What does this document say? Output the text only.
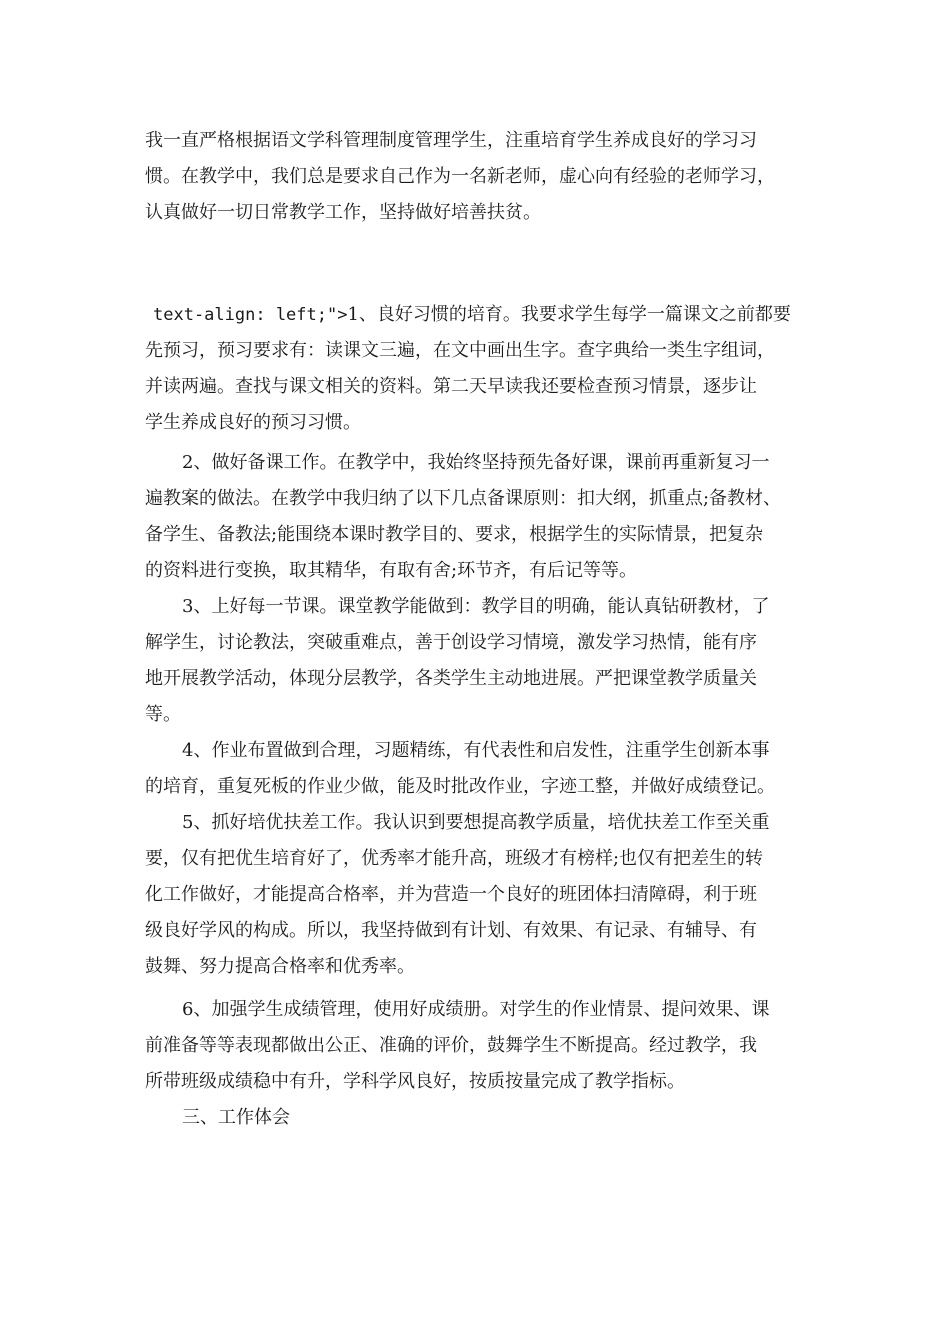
我一直严格根据语文学科管理制度管理学生，注重培育学生养成良好的学习习
惯。在教学中，我们总是要求自己作为一名新老师，虚心向有经验的老师学习，
认真做好一切日常教学工作，坚持做好培善扶贫。
text-align: left;">1、良好习惯的培育。我要求学生每学一篇课文之前都要
先预习，预习要求有：读课文三遍，在文中画出生字。查字典给一类生字组词，
并读两遍。查找与课文相关的资料。第二天早读我还要检查预习情景，逐步让
学生养成良好的预习习惯。
2、做好备课工作。在教学中，我始终坚持预先备好课，课前再重新复习一
遍教案的做法。在教学中我归纳了以下几点备课原则：扣大纲，抓重点;备教材、
备学生、备教法;能围绕本课时教学目的、要求，根据学生的实际情景，把复杂
的资料进行变换，取其精华，有取有舍;环节齐，有后记等等。
3、上好每一节课。课堂教学能做到：教学目的明确，能认真钻研教材，了
解学生，讨论教法，突破重难点，善于创设学习情境，激发学习热情，能有序
地开展教学活动，体现分层教学，各类学生主动地进展。严把课堂教学质量关
等。
4、作业布置做到合理，习题精练，有代表性和启发性，注重学生创新本事
的培育，重复死板的作业少做，能及时批改作业，字迹工整，并做好成绩登记。
5、抓好培优扶差工作。我认识到要想提高教学质量，培优扶差工作至关重
要，仅有把优生培育好了，优秀率才能升高，班级才有榜样;也仅有把差生的转
化工作做好，才能提高合格率，并为营造一个良好的班团体扫清障碍，利于班
级良好学风的构成。所以，我坚持做到有计划、有效果、有记录、有辅导、有
鼓舞、努力提高合格率和优秀率。
6、加强学生成绩管理，使用好成绩册。对学生的作业情景、提问效果、课
前准备等等表现都做出公正、准确的评价，鼓舞学生不断提高。经过教学，我
所带班级成绩稳中有升，学科学风良好，按质按量完成了教学指标。
三、工作体会
